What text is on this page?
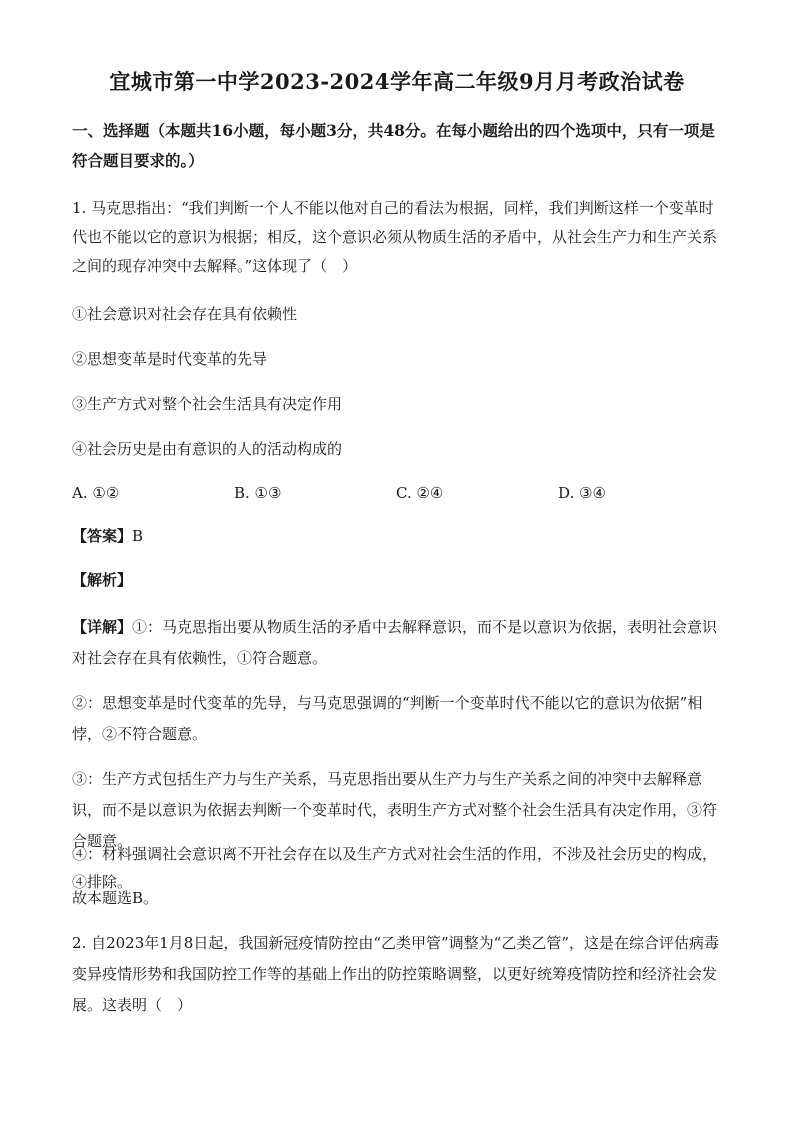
宜城市第一中学2023-2024学年高二年级9月月考政治试卷
一、选择题（本题共16小题，每小题3分，共48分。在每小题给出的四个选项中，只有一项是符合题目要求的。）
1. 马克思指出：“我们判断一个人不能以他对自己的看法为根据，同样，我们判断这样一个变革时代也不能以它的意识为根据；相反，这个意识必须从物质生活的矛盾中，从社会生产力和生产关系之间的现存冲突中去解释。”这体现了（　）
①社会意识对社会存在具有依赖性
②思想变革是时代变革的先导
③生产方式对整个社会生活具有决定作用
④社会历史是由有意识的人的活动构成的
A. ①②	B. ①③	C. ②④	D. ③④
【答案】B
【解析】
【详解】①：马克思指出要从物质生活的矛盾中去解释意识，而不是以意识为依据，表明社会意识对社会存在具有依赖性，①符合题意。
②：思想变革是时代变革的先导，与马克思强调的“判断一个变革时代不能以它的意识为依据”相悖，②不符合题意。
③：生产方式包括生产力与生产关系，马克思指出要从生产力与生产关系之间的冲突中去解释意识，而不是以意识为依据去判断一个变革时代，表明生产方式对整个社会生活具有决定作用，③符合题意。
④：材料强调社会意识离不开社会存在以及生产方式对社会生活的作用，不涉及社会历史的构成，④排除。
故本题选B。
2. 自2023年1月8日起，我国新冠疫情防控由“乙类甲管”调整为“乙类乙管”，这是在综合评估病毒变异疫情形势和我国防控工作等的基础上作出的防控策略调整，以更好统筹疫情防控和经济社会发展。这表明（　）
